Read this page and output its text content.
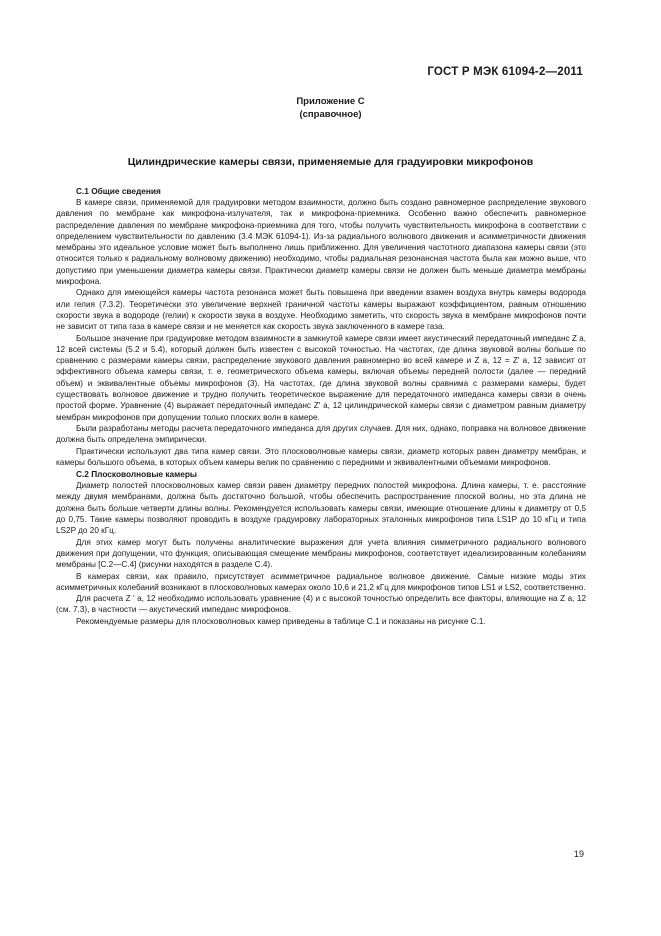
ГОСТ Р МЭК 61094-2—2011
Приложение С
(справочное)
Цилиндрические камеры связи, применяемые для градуировки микрофонов
С.1 Общие сведения

В камере связи, применяемой для градуировки методом взаимности, должно быть создано равномерное распределение звукового давления по мембране как микрофона-излучателя, так и микрофона-приемника. Особенно важно обеспечить равномерное распределение давления по мембране микрофона-приемника для того, чтобы получить чувствительность микрофона в соответствии с определением чувствительности по давлению (3.4 МЭК 61094-1). Из-за радиального волнового движения и асимметричности движения мембраны это идеальное условие может быть выполнено лишь приближенно. Для увеличения частотного диапазона камеры связи (это относится только к радиальному волновому движению) необходимо, чтобы радиальная резонансная частота была как можно выше, что допустимо при уменьшении диаметра камеры связи. Практически диаметр камеры связи не должен быть меньше диаметра мембраны микрофона.

Однако для имеющейся камеры частота резонанса может быть повышена при введении взамен воздуха внутрь камеры водорода или гелия (7.3.2). Теоретически это увеличение верхней граничной частоты камеры выражают коэффициентом, равным отношению скорости звука в водороде (гелии) к скорости звука в воздухе. Необходимо заметить, что скорость звука в мембране микрофонов почти не зависит от типа газа в камере связи и не меняется как скорость звука заключенного в камере газа.

Большое значение при градуировке методом взаимности в замкнутой камере связи имеет акустический передаточный импеданс Z a, 12 всей системы (5.2 и 5.4), который должен быть известен с высокой точностью. На частотах, где длина звуковой волны больше по сравнению с размерами камеры связи, распределение звукового давления равномерно во всей камере и Z a, 12 = Z' a, 12 зависит от эффективного объема камеры связи, т. е. геометрического объема камеры, включая объемы передней полости (далее — передний объем) и эквивалентные объемы микрофонов (3). На частотах, где длина звуковой волны сравнима с размерами камеры, будет существовать волновое движение и трудно получить теоретическое выражение для передаточного импеданса камеры связи в очень простой форме. Уравнение (4) выражает передаточный импеданс Z' a, 12 цилиндрической камеры связи с диаметром равным диаметру мембран микрофонов при допущении только плоских волн в камере.

Были разработаны методы расчета передаточного импеданса для других случаев. Для них, однако, поправка на волновое движение должна быть определена эмпирически.

Практически используют два типа камер связи. Это плосковолновые камеры связи, диаметр которых равен диаметру мембран, и камеры большого объема, в которых объем камеры велик по сравнению с передними и эквивалентными объемами микрофонов.

С.2 Плосковолновые камеры

Диаметр полостей плосковолновых камер связи равен диаметру передних полостей микрофона. Длина камеры, т. е. расстояние между двумя мембранами, должна быть достаточно большой, чтобы обеспечить распространение плоской волны, но эта длина не должна быть больше четверти длины волны. Рекомендуется использовать камеры связи, имеющие отношение длины к диаметру от 0,5 до 0,75. Такие камеры позволяют проводить в воздухе градуировку лабораторных эталонных микрофонов типа LS1P до 10 кГц и типа LS2P до 20 кГц.

Для этих камер могут быть получены аналитические выражения для учета влияния симметричного радиального волнового движения при допущении, что функция, описывающая смещение мембраны микрофонов, соответствует идеализированным колебаниям мембраны [С.2—С.4] (рисунки находятся в разделе С.4).

В камерах связи, как правило, присутствует асимметричное радиальное волновое движение. Самые низкие моды этих асимметричных колебаний возникают в плосковолновых камерах около 10,6 и 21,2 кГц для микрофонов типов LS1 и LS2, соответственно.

Для расчета Z ' a, 12 необходимо использовать уравнение (4) и с высокой точностью определить все факторы, влияющие на Z a, 12 (см. 7.3), в частности — акустический импеданс микрофонов.

Рекомендуемые размеры для плосковолновых камер приведены в таблице С.1 и показаны на рисунке С.1.

19
